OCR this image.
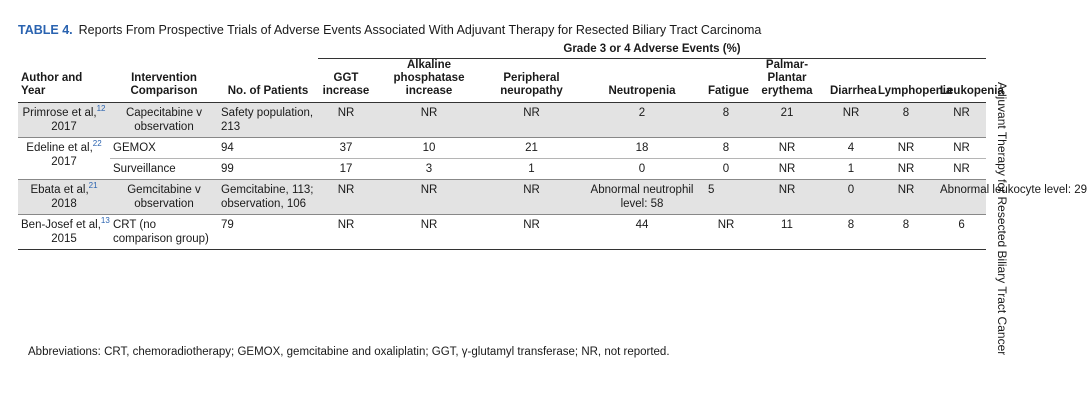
TABLE 4. Reports From Prospective Trials of Adverse Events Associated With Adjuvant Therapy for Resected Biliary Tract Carcinoma
			Grade 3 or 4 Adverse Events (%)								
Author and Year	Intervention Comparison	No. of Patients	GGT increase	Alkaline phosphatase increase	Peripheral neuropathy	Neutropenia	Fatigue	Palmar-Plantar erythema	Diarrhea	Lymphopenia	Leukopenia
Primrose et al,$^{12}$
2017	Capecitabine v observation	Safety population, 213	NR	NR	NR	2	8	21	NR	8	NR
Edeline et al,$^{22}$
2017	GEMOX	94	37	10	21	18	8	NR	4	NR	NR
	Surveillance	99	17	3	1	0	0	NR	1	NR	NR
Ebata et al,$^{21}$
2018	Gemcitabine v observation	Gemcitabine, 113; observation, 106	NR	NR	NR	Abnormal neutrophil level: 58	5	NR	0	NR	Abnormal leukocyte level: 29
Ben-Josef et al,$^{13}$
2015	CRT (no comparison group)	79	NR	NR	NR	44	NR	11	8	8	6
Abbreviations: CRT, chemoradiotherapy; GEMOX, gemcitabine and oxaliplatin; GGT, γ-glutamyl transferase; NR, not reported.	Adjuvant Therapy for Resected Biliary Tract Cancer
